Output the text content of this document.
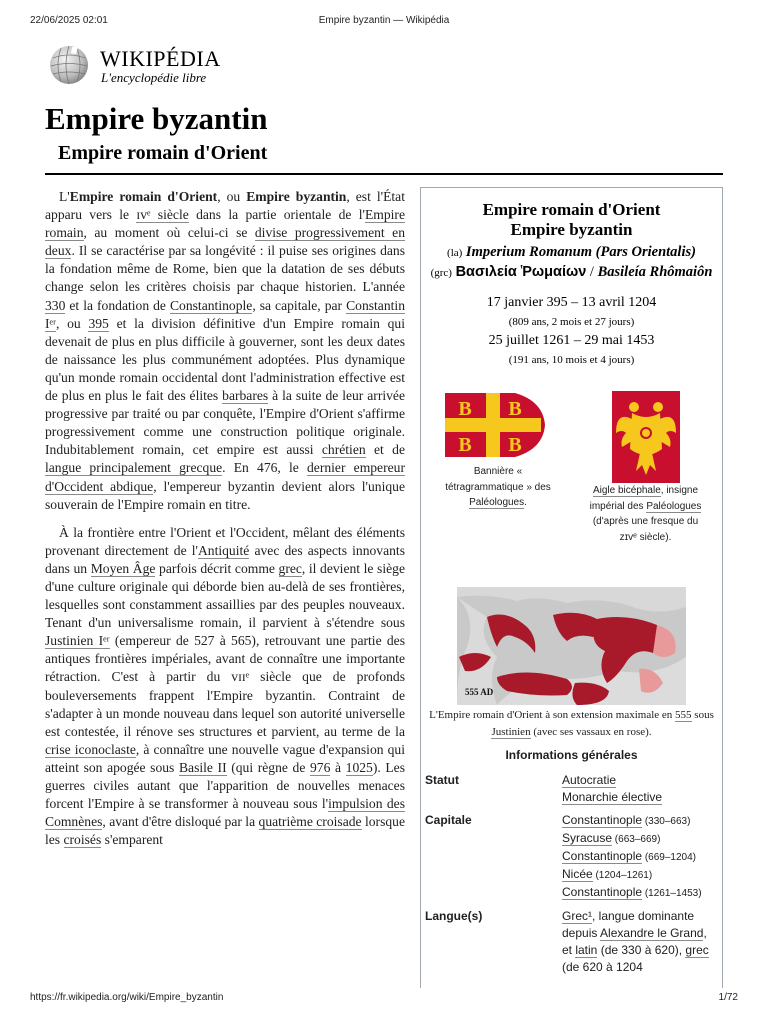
22/06/2025 02:01	Empire byzantin — Wikipédia
https://fr.wikipedia.org/wiki/Empire_byzantin	1/72
WIKIPÉDIA
L'encyclopédie libre
Empire byzantin
Empire romain d'Orient

L'Empire romain d'Orient, ou Empire byzantin, est l'État apparu vers le ɪvᵉ siècle dans la partie orientale de l'Empire romain, au moment où celui-ci se divise progressivement en deux. Il se caractérise par sa longévité : il puise ses origines dans la fondation même de Rome, bien que la datation de ses débuts change selon les critères choisis par chaque historien. L'année 330 et la fondation de Constantinople, sa capitale, par Constantin Iᵉʳ, ou 395 et la division définitive d'un Empire romain qui devenait de plus en plus difficile à gouverner, sont les deux dates de naissance les plus communément adoptées. Plus dynamique qu'un monde romain occidental dont l'administration effective est de plus en plus le fait des élites barbares à la suite de leur arrivée progressive par traité ou par conquête, l'Empire d'Orient s'affirme progressivement comme une construction politique originale. Indubitablement romain, cet empire est aussi chrétien et de langue principalement grecque. En 476, le dernier empereur d'Occident abdique, l'empereur byzantin devient alors l'unique souverain de l'Empire romain en titre.

À la frontière entre l'Orient et l'Occident, mêlant des éléments provenant directement de l'Antiquité avec des aspects innovants dans un Moyen Âge parfois décrit comme grec, il devient le siège d'une culture originale qui déborde bien au-delà de ses frontières, lesquelles sont constamment assaillies par des peuples nouveaux. Tenant d'un universalisme romain, il parvient à s'étendre sous Justinien Iᵉʳ (empereur de 527 à 565), retrouvant une partie des antiques frontières impériales, avant de connaître une importante rétraction. C'est à partir du ᴠɪɪᵉ siècle que de profonds bouleversements frappent l'Empire byzantin. Contraint de s'adapter à un monde nouveau dans lequel son autorité universelle est contestée, il rénove ses structures et parvient, au terme de la crise iconoclaste, à connaître une nouvelle vague d'expansion qui atteint son apogée sous Basile II (qui règne de 976 à 1025). Les guerres civiles autant que l'apparition de nouvelles menaces forcent l'Empire à se transformer à nouveau sous l'impulsion des Comnènes, avant d'être disloqué par la quatrième croisade lorsque les croisés s'emparent

Empire romain d'Orient
Empire byzantin
(la) Imperium Romanum (Pars Orientalis)
(grc) Βασιλεία Ῥωμαίων / Basileía Rhômaiôn
17 janvier 395 – 13 avril 1204
(809 ans, 2 mois et 27 jours)
25 juillet 1261 – 29 mai 1453
(191 ans, 10 mois et 4 jours)
B B
B B
Bannière « tétragrammatique » des Paléologues.
Aigle bicéphale, insigne impérial des Paléologues (d'après une fresque du ᴢɪᴠᵉ siècle).
555 AD
L'Empire romain d'Orient à son extension maximale en 555 sous Justinien (avec ses vassaux en rose).
Informations générales
Statut	Autocratie
Monarchie élective
Capitale	Constantinople (330–663)
Syracuse (663–669)
Constantinople (669–1204)
Nicée (1204–1261)
Constantinople (1261–1453)
Langue(s)	Grec¹, langue dominante depuis Alexandre le Grand, et latin (de 330 à 620), grec (de 620 à 1204
